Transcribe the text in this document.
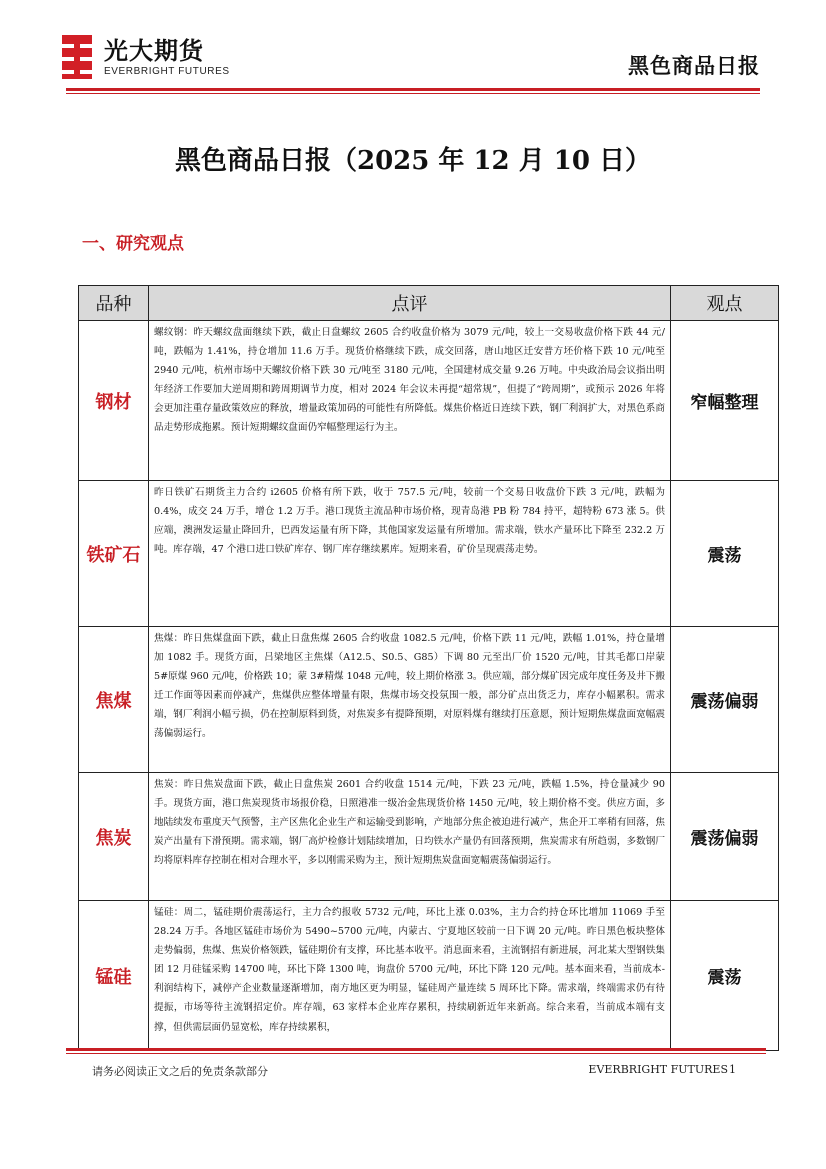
光大期货
EVERBRIGHT FUTURES	黑色商品日报
黑色商品日报（2025 年 12 月 10 日）
一、研究观点
品种	点评	观点
钢材	螺纹钢：昨天螺纹盘面继续下跌，截止日盘螺纹 2605 合约收盘价格为 3079 元/吨，较上一交易收盘价格下跌 44 元/吨，跌幅为 1.41%，持仓增加 11.6 万手。现货价格继续下跌，成交回落，唐山地区迁安普方坯价格下跌 10 元/吨至 2940 元/吨，杭州市场中天螺纹价格下跌 30 元/吨至 3180 元/吨，全国建材成交量 9.26 万吨。中央政治局会议指出明年经济工作要加大逆周期和跨周期调节力度，相对 2024 年会议未再提“超常规”，但提了“跨周期”，或预示 2026 年将会更加注重存量政策效应的释放，增量政策加码的可能性有所降低。煤焦价格近日连续下跌，钢厂利润扩大，对黑色系商品走势形成拖累。预计短期螺纹盘面仍窄幅整理运行为主。	窄幅整理
铁矿石	昨日铁矿石期货主力合约 i2605 价格有所下跌，收于 757.5 元/吨，较前一个交易日收盘价下跌 3 元/吨，跌幅为 0.4%，成交 24 万手，增仓 1.2 万手。港口现货主流品种市场价格，现青岛港 PB 粉 784 持平，超特粉 673 涨 5。供应端，澳洲发运量止降回升，巴西发运量有所下降，其他国家发运量有所增加。需求端，铁水产量环比下降至 232.2 万吨。库存端，47 个港口进口铁矿库存、钢厂库存继续累库。短期来看，矿价呈现震荡走势。	震荡
焦煤	焦煤：昨日焦煤盘面下跌，截止日盘焦煤 2605 合约收盘 1082.5 元/吨，价格下跌 11 元/吨，跌幅 1.01%，持仓量增加 1082 手。现货方面，吕梁地区主焦煤（A12.5、S0.5、G85）下调 80 元至出厂价 1520 元/吨，甘其毛都口岸蒙 5#原煤 960 元/吨，价格跌 10；蒙 3#精煤 1048 元/吨，较上期价格涨 3。供应端，部分煤矿因完成年度任务及井下搬迁工作面等因素而停减产，焦煤供应整体增量有限，焦煤市场交投氛围一般，部分矿点出货乏力，库存小幅累积。需求端，钢厂利润小幅亏损，仍在控制原料到货，对焦炭多有提降预期，对原料煤有继续打压意愿，预计短期焦煤盘面宽幅震荡偏弱运行。	震荡偏弱
焦炭	焦炭：昨日焦炭盘面下跌，截止日盘焦炭 2601 合约收盘 1514 元/吨，下跌 23 元/吨，跌幅 1.5%，持仓量减少 90 手。现货方面，港口焦炭现货市场报价稳，日照港准一级冶金焦现货价格 1450 元/吨，较上期价格不变。供应方面，多地陆续发布重度天气预警，主产区焦化企业生产和运输受到影响，产地部分焦企被迫进行减产，焦企开工率稍有回落，焦炭产出量有下滑预期。需求端，钢厂高炉检修计划陆续增加，日均铁水产量仍有回落预期，焦炭需求有所趋弱，多数钢厂均将原料库存控制在相对合理水平，多以刚需采购为主，预计短期焦炭盘面宽幅震荡偏弱运行。	震荡偏弱
锰硅	锰硅：周二，锰硅期价震荡运行，主力合约报收 5732 元/吨，环比上涨 0.03%，主力合约持仓环比增加 11069 手至 28.24 万手。各地区锰硅市场价为 5490~5700 元/吨，内蒙古、宁夏地区较前一日下调 20 元/吨。昨日黑色板块整体走势偏弱，焦煤、焦炭价格领跌，锰硅期价有支撑，环比基本收平。消息面来看，主流钢招有新进展，河北某大型钢铁集团 12 月硅锰采购 14700 吨，环比下降 1300 吨，询盘价 5700 元/吨，环比下降 120 元/吨。基本面来看，当前成本-利润结构下，减停产企业数量逐渐增加，南方地区更为明显，锰硅周产量连续 5 周环比下降。需求端，终端需求仍有待提振，市场等待主流钢招定价。库存端，63 家样本企业库存累积，持续刷新近年来新高。综合来看，当前成本端有支撑，但供需层面仍显宽松，库存持续累积，	震荡
请务必阅读正文之后的免责条款部分	EVERBRIGHT FUTURES 1
